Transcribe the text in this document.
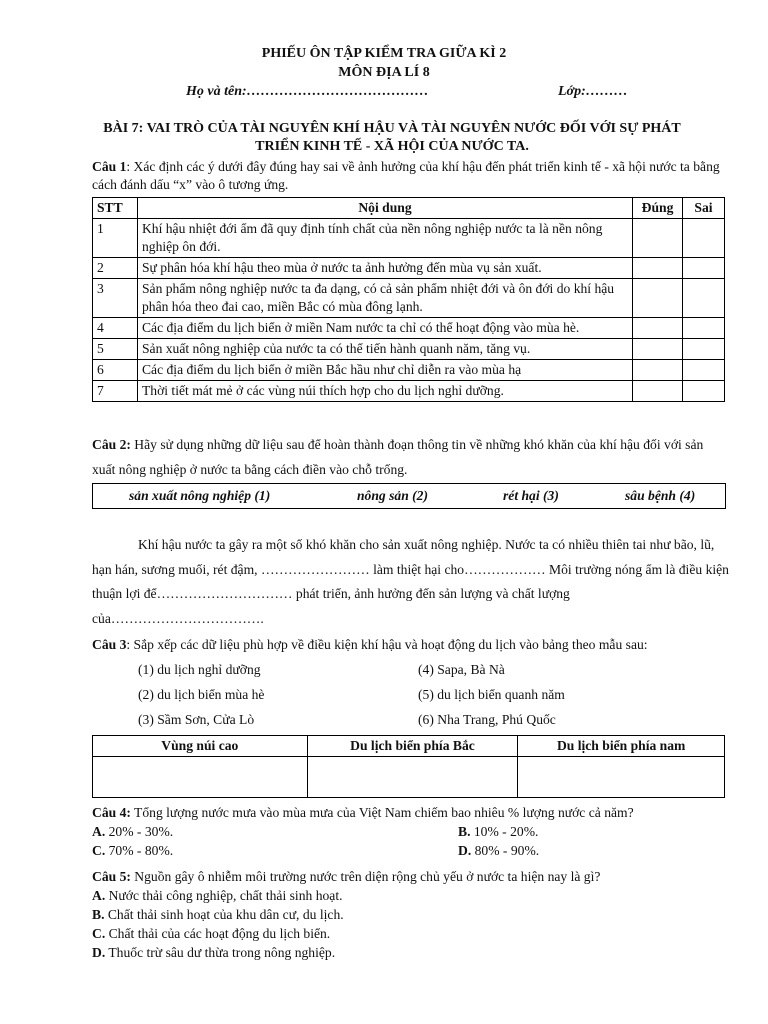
PHIẾU ÔN TẬP KIỂM TRA GIỮA KÌ 2
MÔN ĐỊA LÍ 8
Họ và tên:…………………………………	Lớp:………
BÀI 7: VAI TRÒ CỦA TÀI NGUYÊN KHÍ HẬU VÀ TÀI NGUYÊN NƯỚC ĐỐI VỚI SỰ PHÁT
TRIỂN KINH TẾ - XÃ HỘI CỦA NƯỚC TA.
Câu 1: Xác định các ý dưới đây đúng hay sai về ảnh hưởng của khí hậu đến phát triển kinh tế - xã hội nước ta bằng cách đánh dấu “x” vào ô tương ứng.
STT	Nội dung	Đúng	Sai
1	Khí hậu nhiệt đới ẩm đã quy định tính chất của nền nông nghiệp nước ta là nền nông nghiệp ôn đới.		
2	Sự phân hóa khí hậu theo mùa ở nước ta ảnh hưởng đến mùa vụ sản xuất.		
3	Sản phẩm nông nghiệp nước ta đa dạng, có cả sản phẩm nhiệt đới và ôn đới do khí hậu phân hóa theo đai cao, miền Bắc có mùa đông lạnh.		
4	Các địa điểm du lịch biển ở miền Nam nước ta chỉ có thể hoạt động vào mùa hè.		
5	Sản xuất nông nghiệp của nước ta có thể tiến hành quanh năm, tăng vụ.		
6	Các địa điểm du lịch biển ở miền Bắc hầu như chỉ diễn ra vào mùa hạ		
7	Thời tiết mát mẻ ở các vùng núi thích hợp cho du lịch nghỉ dưỡng.		
Câu 2: Hãy sử dụng những dữ liệu sau để hoàn thành đoạn thông tin về những khó khăn của khí hậu đối với sản xuất nông nghiệp ở nước ta bằng cách điền vào chỗ trống.
sản xuất nông nghiệp (1)	nông sản (2)	rét hại (3)	sâu bệnh (4)
Khí hậu nước ta gây ra một số khó khăn cho sản xuất nông nghiệp. Nước ta có nhiều thiên tai như bão, lũ, hạn hán, sương muối, rét đậm, …………………… làm thiệt hại cho……………… Môi trường nóng ẩm là điều kiện thuận lợi để………………………… phát triển, ảnh hưởng đến sản lượng và chất lượng của…………………………….
Câu 3: Sắp xếp các dữ liệu phù hợp về điều kiện khí hậu và hoạt động du lịch vào bảng theo mẫu sau:
(1) du lịch nghỉ dưỡng	(4) Sapa, Bà Nà
(2) du lịch biển mùa hè	(5) du lịch biển quanh năm
(3) Sầm Sơn, Cửa Lò	(6) Nha Trang, Phú Quốc
Vùng núi cao	Du lịch biển phía Bắc	Du lịch biển phía nam

Câu 4: Tổng lượng nước mưa vào mùa mưa của Việt Nam chiếm bao nhiêu % lượng nước cả năm?
A. 20% - 30%.	B. 10% - 20%.
C. 70% - 80%.	D. 80% - 90%.
Câu 5: Nguồn gây ô nhiễm môi trường nước trên diện rộng chủ yếu ở nước ta hiện nay là gì?
A. Nước thải công nghiệp, chất thải sinh hoạt.
B. Chất thải sinh hoạt của khu dân cư, du lịch.
C. Chất thải của các hoạt động du lịch biển.
D. Thuốc trừ sâu dư thừa trong nông nghiệp.
